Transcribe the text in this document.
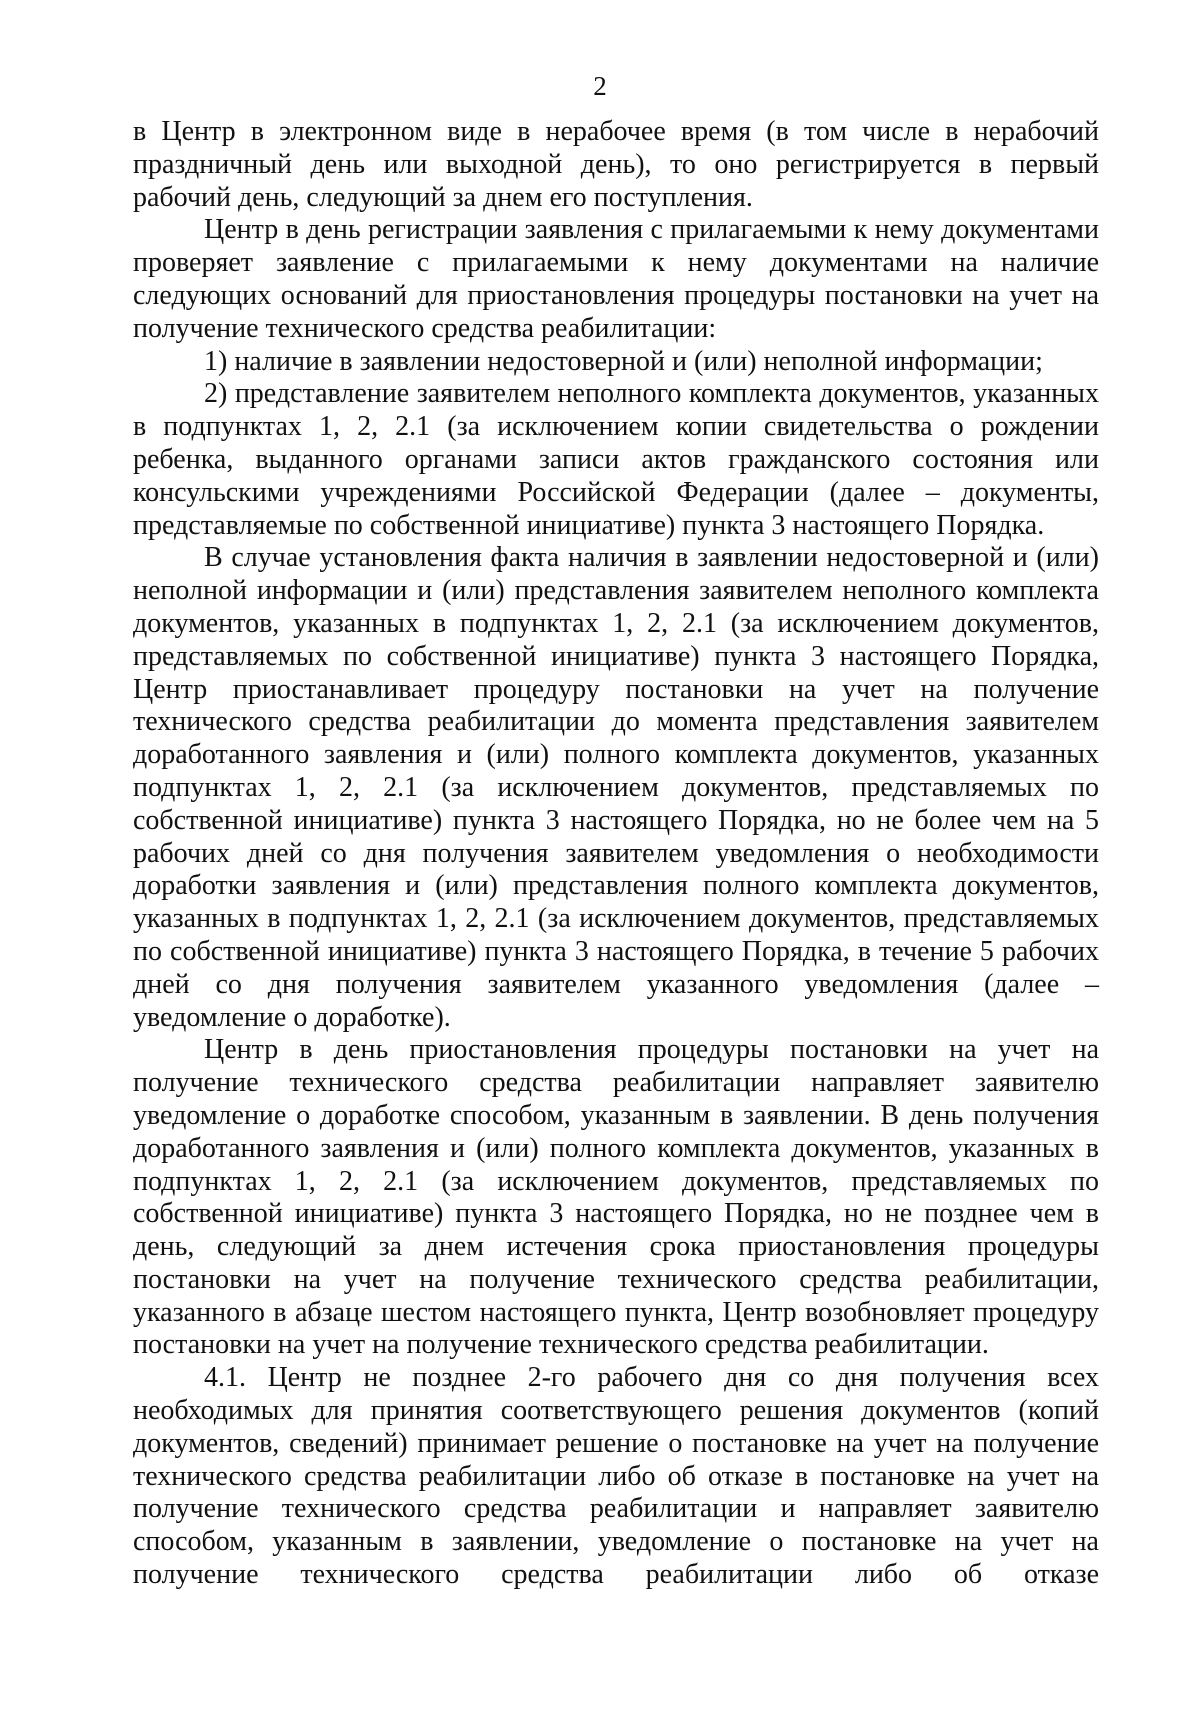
2

в Центр в электронном виде в нерабочее время (в том числе в нерабочий праздничный день или выходной день), то оно регистрируется в первый рабочий день, следующий за днем его поступления.

Центр в день регистрации заявления с прилагаемыми к нему документами проверяет заявление с прилагаемыми к нему документами на наличие следующих оснований для приостановления процедуры постановки на учет на получение технического средства реабилитации:

1) наличие в заявлении недостоверной и (или) неполной информации;

2) представление заявителем неполного комплекта документов, указанных в подпунктах 1, 2, 2.1 (за исключением копии свидетельства о рождении ребенка, выданного органами записи актов гражданского состояния или консульскими учреждениями Российской Федерации (далее – документы, представляемые по собственной инициативе) пункта 3 настоящего Порядка.

В случае установления факта наличия в заявлении недостоверной и (или) неполной информации и (или) представления заявителем неполного комплекта документов, указанных в подпунктах 1, 2, 2.1 (за исключением документов, представляемых по собственной инициативе) пункта 3 настоящего Порядка, Центр приостанавливает процедуру постановки на учет на получение технического средства реабилитации до момента представления заявителем доработанного заявления и (или) полного комплекта документов, указанных подпунктах 1, 2, 2.1 (за исключением документов, представляемых по собственной инициативе) пункта 3 настоящего Порядка, но не более чем на 5 рабочих дней со дня получения заявителем уведомления о необходимости доработки заявления и (или) представления полного комплекта документов, указанных в подпунктах 1, 2, 2.1 (за исключением документов, представляемых по собственной инициативе) пункта 3 настоящего Порядка, в течение 5 рабочих дней со дня получения заявителем указанного уведомления (далее – уведомление о доработке).

Центр в день приостановления процедуры постановки на учет на получение технического средства реабилитации направляет заявителю уведомление о доработке способом, указанным в заявлении. В день получения доработанного заявления и (или) полного комплекта документов, указанных в подпунктах 1, 2, 2.1 (за исключением документов, представляемых по собственной инициативе) пункта 3 настоящего Порядка, но не позднее чем в день, следующий за днем истечения срока приостановления процедуры постановки на учет на получение технического средства реабилитации, указанного в абзаце шестом настоящего пункта, Центр возобновляет процедуру постановки на учет на получение технического средства реабилитации.

4.1. Центр не позднее 2-го рабочего дня со дня получения всех необходимых для принятия соответствующего решения документов (копий документов, сведений) принимает решение о постановке на учет на получение технического средства реабилитации либо об отказе в постановке на учет на получение технического средства реабилитации и направляет заявителю способом, указанным в заявлении, уведомление о постановке на учет на получение технического средства реабилитации либо об отказе
